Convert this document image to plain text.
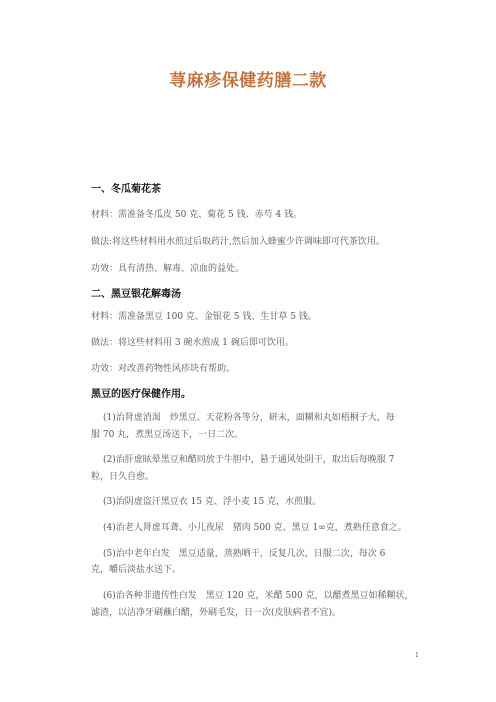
荨麻疹保健药膳二款
一、冬瓜菊花茶
材料：需准备冬瓜皮 50 克、菊花 5 钱、赤芍 4 钱。
做法:将这些材料用水煎过后取药汁,然后加入蜂蜜少许调味即可代茶饮用。
功效：具有清热、解毒、凉血的益处。
二、黑豆银花解毒汤
材料：需准备黑豆 100 克、金银花 5 钱、生甘草 5 钱。
做法：将这些材料用 3 碗水煎成 1 碗后即可饮用。
功效：对改善药物性风疹块有帮助。
黑豆的医疗保健作用。
(1)治肾虚消渴　炒黑豆、天花粉各等分，研末，面糊和丸如梧桐子大，每
服 70 丸，煮黑豆汤送下，一日二次。
(2)治肝虚眩晕黑豆和醋同放于牛胆中，悬于通风处阴干，取出后每晚服 7
粒，日久自愈。
(3)治阴虚盗汗黑豆衣 15 克、浮小麦 15 克，水煎服。
(4)治老人肾虚耳聋、小儿夜尿　猪肉 500 克、黑豆 1∞克，煮熟任意食之。
(5)治中老年白发　黑豆适量，蒸熟晒干，反复几次，日服二次，每次 6
克，嚼后淡盐水送下。
(6)治各种非遗传性白发　黑豆 120 克，米醋 500 克，以醋煮黑豆如稀糊状，
滤渣，以洁净牙刷蘸白醋，外刷毛发，日一次(皮肤病者不宜)。
1
